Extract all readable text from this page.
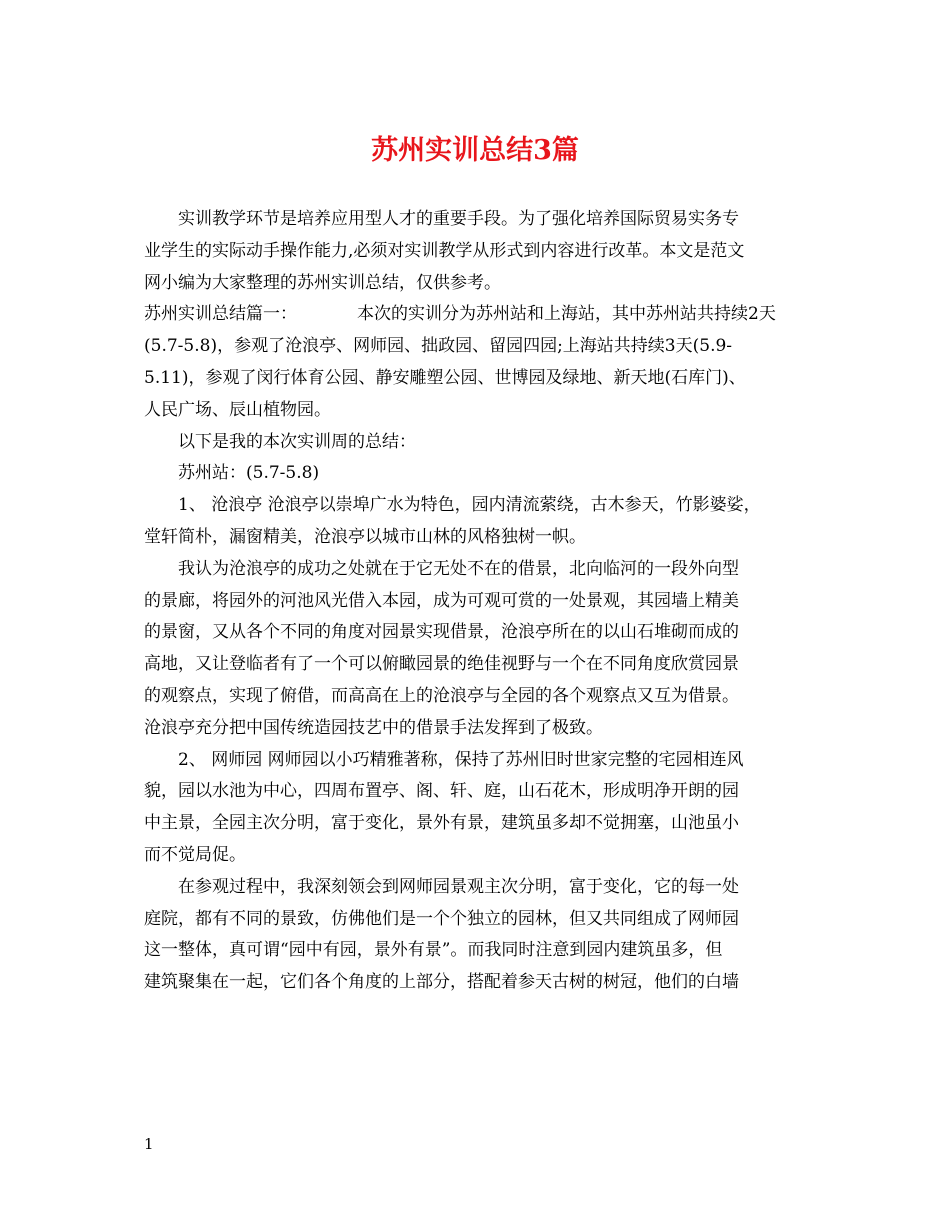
苏州实训总结3篇
实训教学环节是培养应用型人才的重要手段。为了强化培养国际贸易实务专
业学生的实际动手操作能力,必须对实训教学从形式到内容进行改革。本文是范文
网小编为大家整理的苏州实训总结，仅供参考。
苏州实训总结篇一：	本次的实训分为苏州站和上海站，其中苏州站共持续2天
(5.7-5.8)，参观了沧浪亭、网师园、拙政园、留园四园;上海站共持续3天(5.9-
5.11)，参观了闵行体育公园、静安雕塑公园、世博园及绿地、新天地(石库门)、
人民广场、辰山植物园。
以下是我的本次实训周的总结：
苏州站：(5.7-5.8)
1、 沧浪亭 沧浪亭以崇埠广水为特色，园内清流萦绕，古木参天，竹影婆娑，
堂轩简朴，漏窗精美，沧浪亭以城市山林的风格独树一帜。
我认为沧浪亭的成功之处就在于它无处不在的借景，北向临河的一段外向型
的景廊，将园外的河池风光借入本园，成为可观可赏的一处景观，其园墙上精美
的景窗，又从各个不同的角度对园景实现借景，沧浪亭所在的以山石堆砌而成的
高地，又让登临者有了一个可以俯瞰园景的绝佳视野与一个在不同角度欣赏园景
的观察点，实现了俯借，而高高在上的沧浪亭与全园的各个观察点又互为借景。
沧浪亭充分把中国传统造园技艺中的借景手法发挥到了极致。
2、 网师园 网师园以小巧精雅著称，保持了苏州旧时世家完整的宅园相连风
貌，园以水池为中心，四周布置亭、阁、轩、庭，山石花木，形成明净开朗的园
中主景，全园主次分明，富于变化，景外有景，建筑虽多却不觉拥塞，山池虽小
而不觉局促。
在参观过程中，我深刻领会到网师园景观主次分明，富于变化，它的每一处
庭院，都有不同的景致，仿佛他们是一个个独立的园林，但又共同组成了网师园
这一整体，真可谓“园中有园，景外有景”。而我同时注意到园内建筑虽多，但
建筑聚集在一起，它们各个角度的上部分，搭配着参天古树的树冠，他们的白墙
1
